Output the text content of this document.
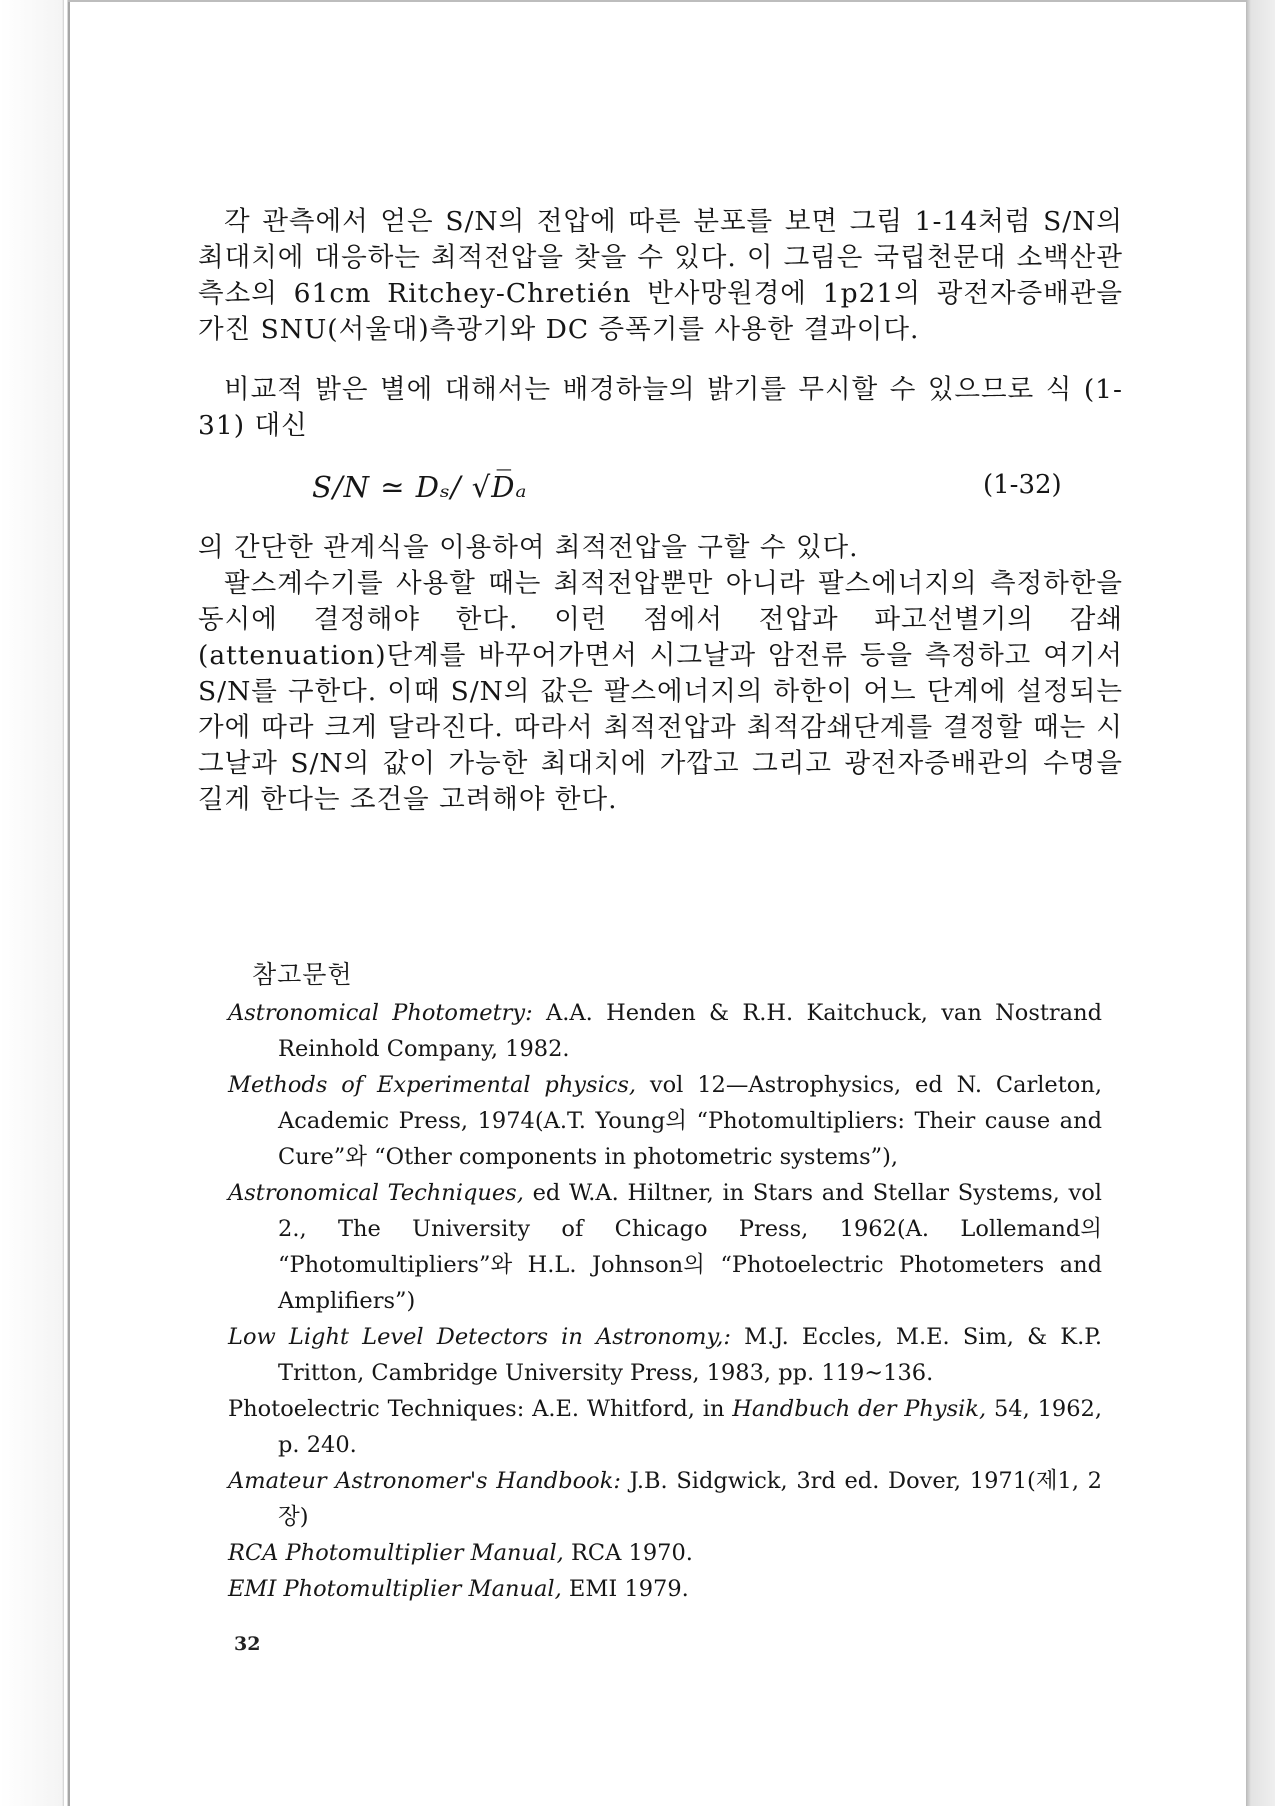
각 관측에서 얻은 S/N의 전압에 따른 분포를 보면 그림 1-14처럼 S/N의 최대치에 대응하는 최적전압을 찾을 수 있다. 이 그림은 국립천문대 소백산관측소의 61cm Ritchey-Chretién 반사망원경에 1p21의 광전자증배관을 가진 SNU(서울대)측광기와 DC 증폭기를 사용한 결과이다.

비교적 밝은 별에 대해서는 배경하늘의 밝기를 무시할 수 있으므로 식 (1-31) 대신

S/N ≃ Dₛ/ √D̅ₐ	(1-32)

의 간단한 관계식을 이용하여 최적전압을 구할 수 있다.

팔스계수기를 사용할 때는 최적전압뿐만 아니라 팔스에너지의 측정하한을 동시에 결정해야 한다. 이런 점에서 전압과 파고선별기의 감쇄(attenuation)단계를 바꾸어가면서 시그날과 암전류 등을 측정하고 여기서 S/N를 구한다. 이때 S/N의 값은 팔스에너지의 하한이 어느 단계에 설정되는가에 따라 크게 달라진다. 따라서 최적전압과 최적감쇄단계를 결정할 때는 시그날과 S/N의 값이 가능한 최대치에 가깝고 그리고 광전자증배관의 수명을 길게 한다는 조건을 고려해야 한다.

참고문헌
Astronomical Photometry: A.A. Henden & R.H. Kaitchuck, van Nostrand Reinhold Company, 1982.
Methods of Experimental physics, vol 12—Astrophysics, ed N. Carleton, Academic Press, 1974(A.T. Young의 “Photomultipliers: Their cause and Cure”와 “Other components in photometric systems”),
Astronomical Techniques, ed W.A. Hiltner, in Stars and Stellar Systems, vol 2., The University of Chicago Press, 1962(A. Lollemand의 “Photomultipliers”와 H.L. Johnson의 “Photoelectric Photometers and Amplifiers”)
Low Light Level Detectors in Astronomy,: M.J. Eccles, M.E. Sim, & K.P. Tritton, Cambridge University Press, 1983, pp. 119∼136.
Photoelectric Techniques: A.E. Whitford, in Handbuch der Physik, 54, 1962, p. 240.
Amateur Astronomer's Handbook: J.B. Sidgwick, 3rd ed. Dover, 1971(제1, 2장)
RCA Photomultiplier Manual, RCA 1970.
EMI Photomultiplier Manual, EMI 1979.
32
